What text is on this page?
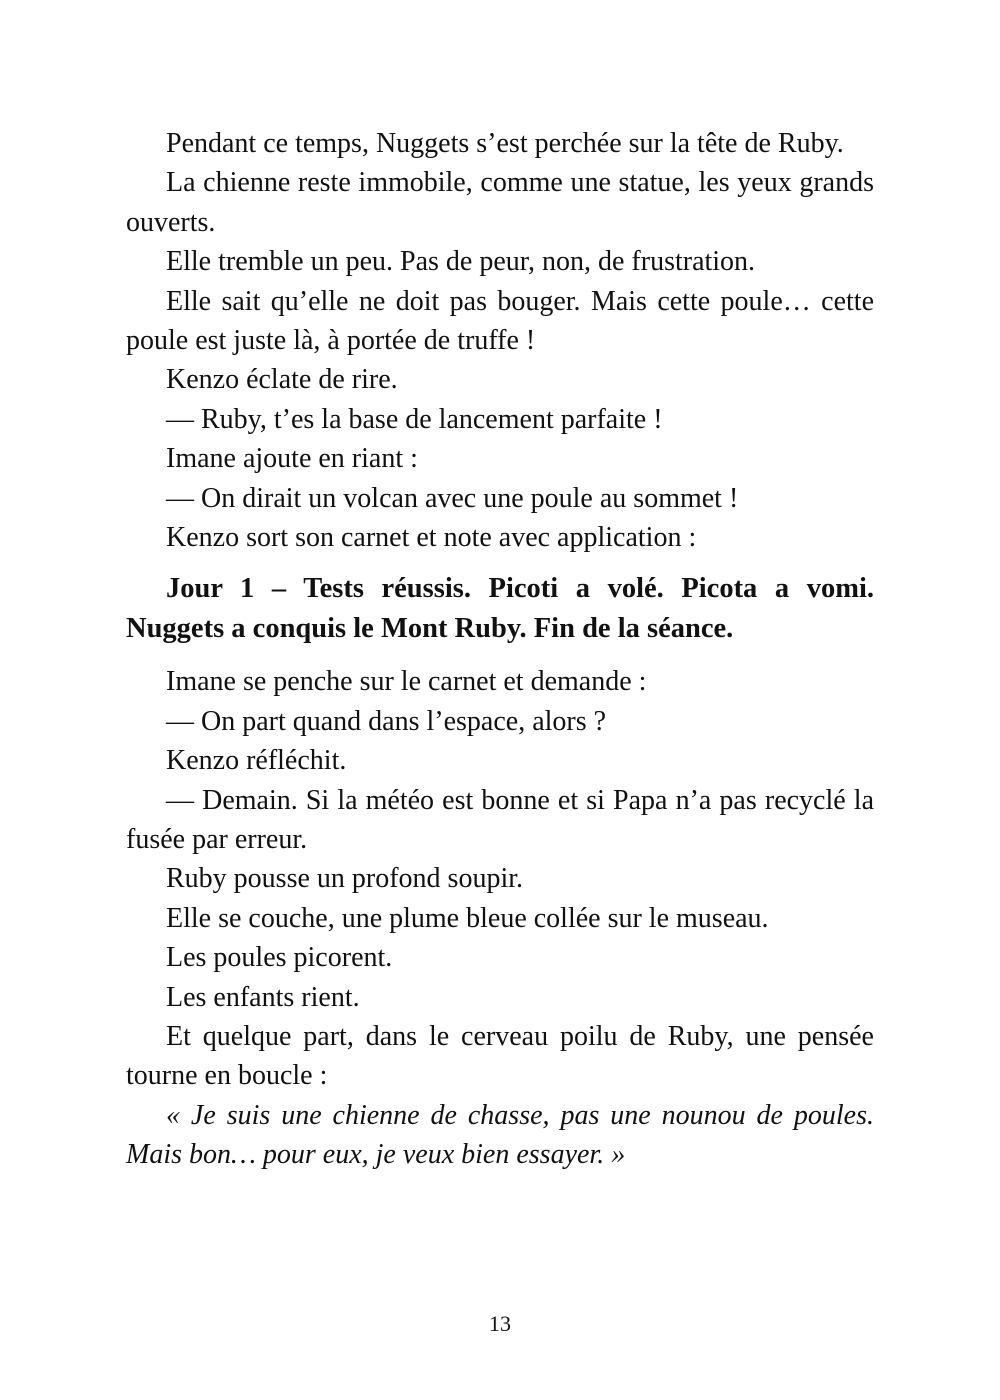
Pendant ce temps, Nuggets s’est perchée sur la tête de Ruby.

La chienne reste immobile, comme une statue, les yeux grands ouverts.

Elle tremble un peu. Pas de peur, non, de frustration.

Elle sait qu’elle ne doit pas bouger. Mais cette poule… cette poule est juste là, à portée de truffe !

Kenzo éclate de rire.

— Ruby, t’es la base de lancement parfaite !

Imane ajoute en riant :

— On dirait un volcan avec une poule au sommet !

Kenzo sort son carnet et note avec application :

Jour 1 – Tests réussis. Picoti a volé. Picota a vomi. Nuggets a conquis le Mont Ruby. Fin de la séance.

Imane se penche sur le carnet et demande :

— On part quand dans l’espace, alors ?

Kenzo réfléchit.

— Demain. Si la météo est bonne et si Papa n’a pas recyclé la fusée par erreur.

Ruby pousse un profond soupir.

Elle se couche, une plume bleue collée sur le museau.

Les poules picorent.

Les enfants rient.

Et quelque part, dans le cerveau poilu de Ruby, une pensée tourne en boucle :

« Je suis une chienne de chasse, pas une nounou de poules. Mais bon… pour eux, je veux bien essayer. »

13
